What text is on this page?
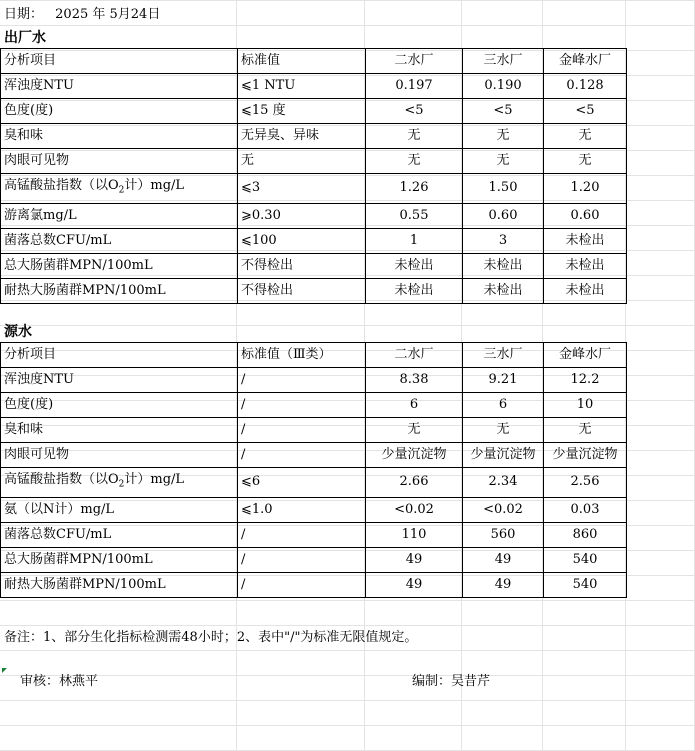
日期： 2025 年 5月24日
出厂水
分析项目	标准值	二水厂	三水厂	金峰水厂
浑浊度NTU	⩽1 NTU	0.197	0.190	0.128
色度(度)	⩽15 度	<5	<5	<5
臭和味	无异臭、异味	无	无	无
肉眼可见物	无	无	无	无
高锰酸盐指数（以$O_2$计）mg/L	⩽3	1.26	1.50	1.20
游离氯mg/L	⩾0.30	0.55	0.60	0.60
菌落总数CFU/mL	⩽100	1	3	未检出
总大肠菌群MPN/100mL	不得检出	未检出	未检出	未检出
耐热大肠菌群MPN/100mL	不得检出	未检出	未检出	未检出
源水
分析项目	标准值（Ⅲ类）	二水厂	三水厂	金峰水厂
浑浊度NTU	/	8.38	9.21	12.2
色度(度)	/	6	6	10
臭和味	/	无	无	无
肉眼可见物	/	少量沉淀物	少量沉淀物	少量沉淀物
高锰酸盐指数（以$O_2$计）mg/L	⩽6	2.66	2.34	2.56
氨（以N计）mg/L	⩽1.0	<0.02	<0.02	0.03
菌落总数CFU/mL	/	110	560	860
总大肠菌群MPN/100mL	/	49	49	540
耐热大肠菌群MPN/100mL	/	49	49	540
备注：1、部分生化指标检测需48小时；2、表中"/"为标准无限值规定。
审核：林燕平	编制：吴昔芹
